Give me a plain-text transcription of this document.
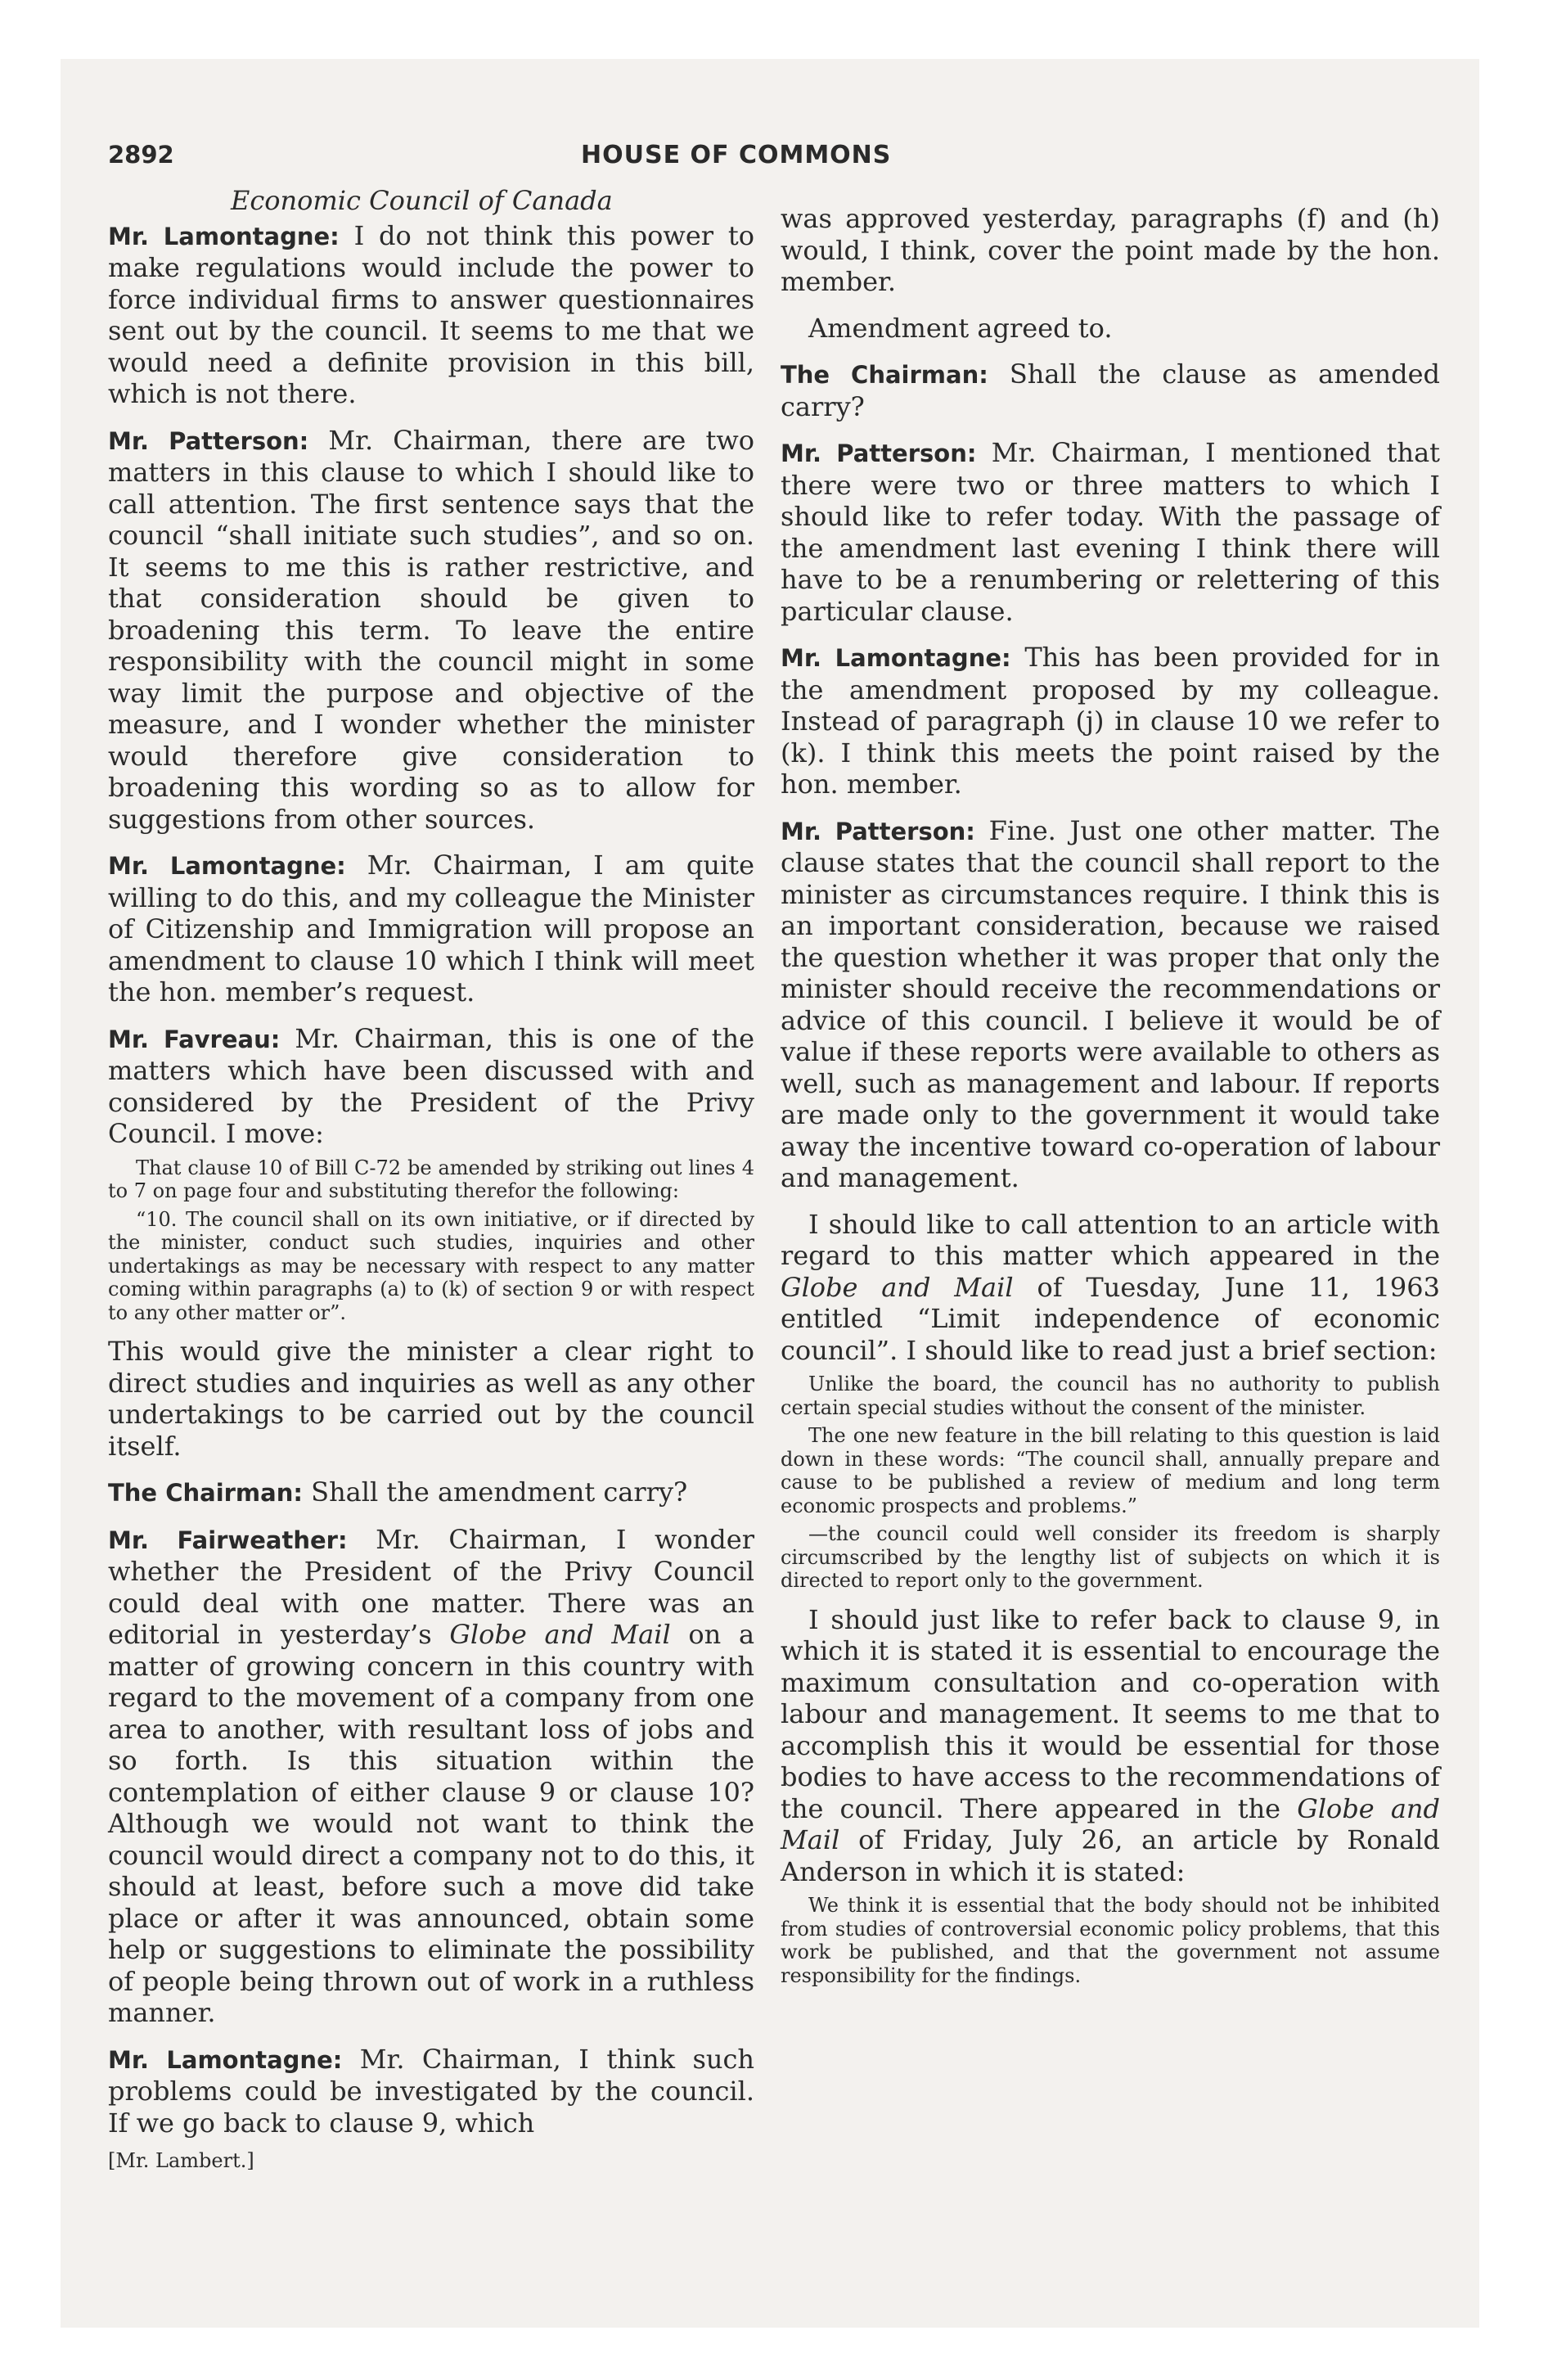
2892	HOUSE OF COMMONS
Economic Council of Canada

Mr. Lamontagne: I do not think this power to make regulations would include the power to force individual firms to answer questionnaires sent out by the council. It seems to me that we would need a definite provision in this bill, which is not there.

Mr. Patterson: Mr. Chairman, there are two matters in this clause to which I should like to call attention. The first sentence says that the council “shall initiate such studies”, and so on. It seems to me this is rather restrictive, and that consideration should be given to broadening this term. To leave the entire responsibility with the council might in some way limit the purpose and objective of the measure, and I wonder whether the minister would therefore give consideration to broadening this wording so as to allow for suggestions from other sources.

Mr. Lamontagne: Mr. Chairman, I am quite willing to do this, and my colleague the Minister of Citizenship and Immigration will propose an amendment to clause 10 which I think will meet the hon. member’s request.

Mr. Favreau: Mr. Chairman, this is one of the matters which have been discussed with and considered by the President of the Privy Council. I move:

That clause 10 of Bill C-72 be amended by striking out lines 4 to 7 on page four and substituting therefor the following:

“10. The council shall on its own initiative, or if directed by the minister, conduct such studies, inquiries and other undertakings as may be necessary with respect to any matter coming within paragraphs (a) to (k) of section 9 or with respect to any other matter or”.

This would give the minister a clear right to direct studies and inquiries as well as any other undertakings to be carried out by the council itself.

The Chairman: Shall the amendment carry?

Mr. Fairweather: Mr. Chairman, I wonder whether the President of the Privy Council could deal with one matter. There was an editorial in yesterday’s Globe and Mail on a matter of growing concern in this country with regard to the movement of a company from one area to another, with resultant loss of jobs and so forth. Is this situation within the contemplation of either clause 9 or clause 10? Although we would not want to think the council would direct a company not to do this, it should at least, before such a move did take place or after it was announced, obtain some help or suggestions to eliminate the possibility of people being thrown out of work in a ruthless manner.

Mr. Lamontagne: Mr. Chairman, I think such problems could be investigated by the council. If we go back to clause 9, which

[Mr. Lambert.]

was approved yesterday, paragraphs (f) and (h) would, I think, cover the point made by the hon. member.

Amendment agreed to.

The Chairman: Shall the clause as amended carry?

Mr. Patterson: Mr. Chairman, I mentioned that there were two or three matters to which I should like to refer today. With the passage of the amendment last evening I think there will have to be a renumbering or relettering of this particular clause.

Mr. Lamontagne: This has been provided for in the amendment proposed by my colleague. Instead of paragraph (j) in clause 10 we refer to (k). I think this meets the point raised by the hon. member.

Mr. Patterson: Fine. Just one other matter. The clause states that the council shall report to the minister as circumstances require. I think this is an important consideration, because we raised the question whether it was proper that only the minister should receive the recommendations or advice of this council. I believe it would be of value if these reports were available to others as well, such as management and labour. If reports are made only to the government it would take away the incentive toward co-operation of labour and management.

I should like to call attention to an article with regard to this matter which appeared in the Globe and Mail of Tuesday, June 11, 1963 entitled “Limit independence of economic council”. I should like to read just a brief section:

Unlike the board, the council has no authority to publish certain special studies without the consent of the minister.

The one new feature in the bill relating to this question is laid down in these words: “The council shall, annually prepare and cause to be published a review of medium and long term economic prospects and problems.”

—the council could well consider its freedom is sharply circumscribed by the lengthy list of subjects on which it is directed to report only to the government.

I should just like to refer back to clause 9, in which it is stated it is essential to encourage the maximum consultation and co-operation with labour and management. It seems to me that to accomplish this it would be essential for those bodies to have access to the recommendations of the council. There appeared in the Globe and Mail of Friday, July 26, an article by Ronald Anderson in which it is stated:

We think it is essential that the body should not be inhibited from studies of controversial economic policy problems, that this work be published, and that the government not assume responsibility for the findings.
